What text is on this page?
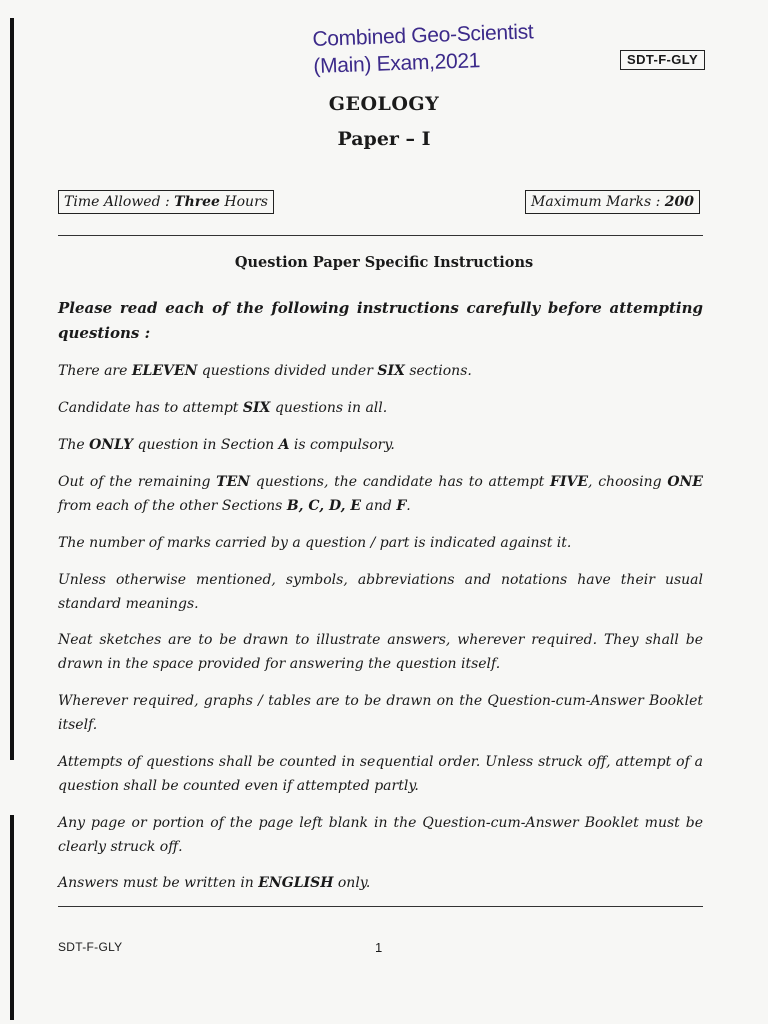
Combined Geo-Scientist
(Main) Exam,2021	SDT-F-GLY
GEOLOGY
Paper – I
Time Allowed : Three Hours	Maximum Marks : 200
Question Paper Specific Instructions
Please read each of the following instructions carefully before attempting questions :
There are ELEVEN questions divided under SIX sections.
Candidate has to attempt SIX questions in all.
The ONLY question in Section A is compulsory.
Out of the remaining TEN questions, the candidate has to attempt FIVE, choosing ONE from each of the other Sections B, C, D, E and F.
The number of marks carried by a question / part is indicated against it.
Unless otherwise mentioned, symbols, abbreviations and notations have their usual standard meanings.
Neat sketches are to be drawn to illustrate answers, wherever required. They shall be drawn in the space provided for answering the question itself.
Wherever required, graphs / tables are to be drawn on the Question-cum-Answer Booklet itself.
Attempts of questions shall be counted in sequential order. Unless struck off, attempt of a question shall be counted even if attempted partly.
Any page or portion of the page left blank in the Question-cum-Answer Booklet must be clearly struck off.
Answers must be written in ENGLISH only.
SDT-F-GLY	1
